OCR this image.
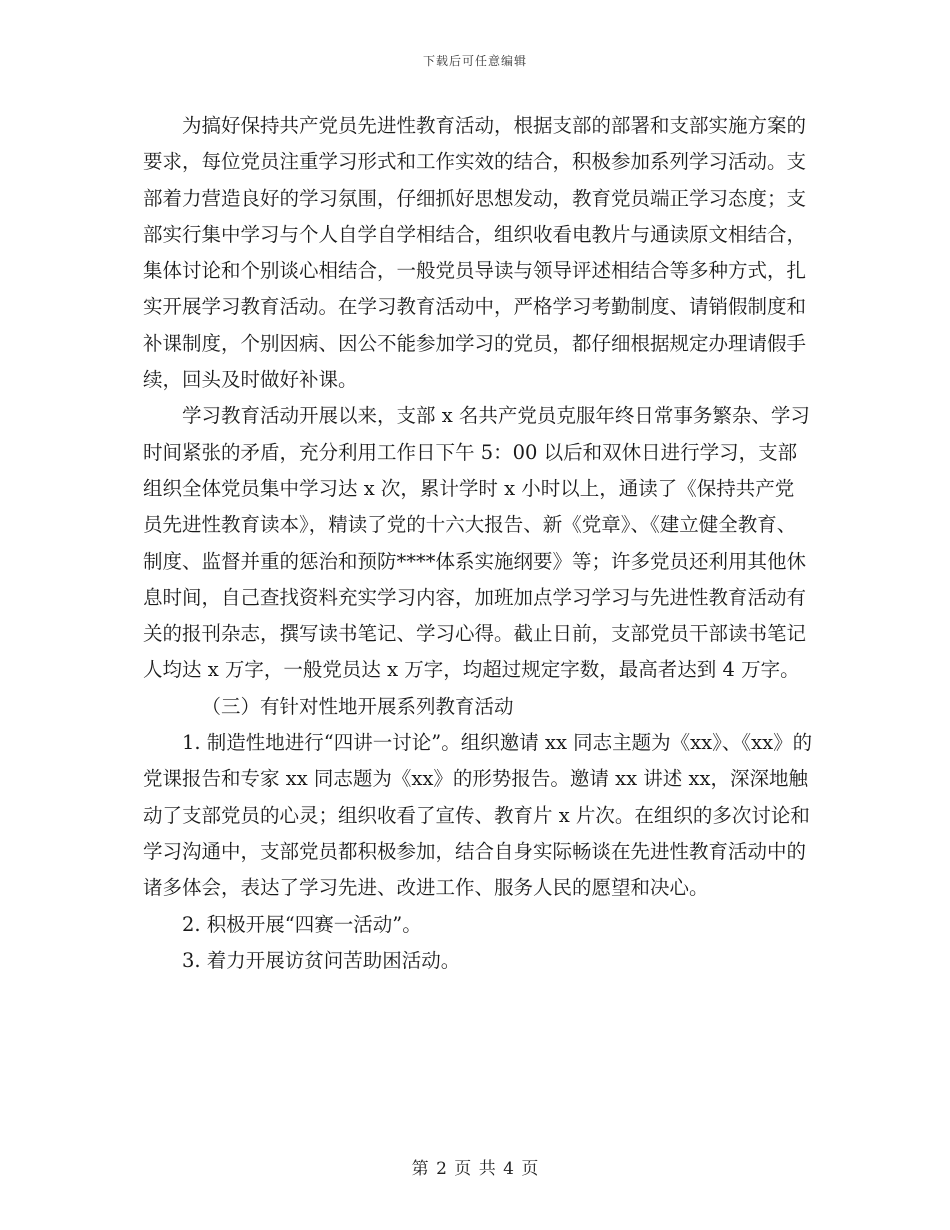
下载后可任意编辑

为搞好保持共产党员先进性教育活动，根据支部的部署和支部实施方案的要求，每位党员注重学习形式和工作实效的结合，积极参加系列学习活动。支部着力营造良好的学习氛围，仔细抓好思想发动，教育党员端正学习态度；支部实行集中学习与个人自学自学相结合，组织收看电教片与通读原文相结合，集体讨论和个别谈心相结合，一般党员导读与领导评述相结合等多种方式，扎实开展学习教育活动。在学习教育活动中，严格学习考勤制度、请销假制度和补课制度，个别因病、因公不能参加学习的党员，都仔细根据规定办理请假手续，回头及时做好补课。

学习教育活动开展以来，支部 x 名共产党员克服年终日常事务繁杂、学习时间紧张的矛盾，充分利用工作日下午 5：00 以后和双休日进行学习，支部组织全体党员集中学习达 x 次，累计学时 x 小时以上，通读了《保持共产党员先进性教育读本》，精读了党的十六大报告、新《党章》、《建立健全教育、制度、监督并重的惩治和预防****体系实施纲要》等；许多党员还利用其他休息时间，自己查找资料充实学习内容，加班加点学习学习与先进性教育活动有关的报刊杂志，撰写读书笔记、学习心得。截止日前，支部党员干部读书笔记人均达 x 万字，一般党员达 x 万字，均超过规定字数，最高者达到 4 万字。

（三）有针对性地开展系列教育活动

1. 制造性地进行“四讲一讨论”。组织邀请 xx 同志主题为《xx》、《xx》的党课报告和专家 xx 同志题为《xx》的形势报告。邀请 xx 讲述 xx，深深地触动了支部党员的心灵；组织收看了宣传、教育片 x 片次。在组织的多次讨论和学习沟通中，支部党员都积极参加，结合自身实际畅谈在先进性教育活动中的诸多体会，表达了学习先进、改进工作、服务人民的愿望和决心。

2. 积极开展“四赛一活动”。

3. 着力开展访贫问苦助困活动。

第 2 页 共 4 页
